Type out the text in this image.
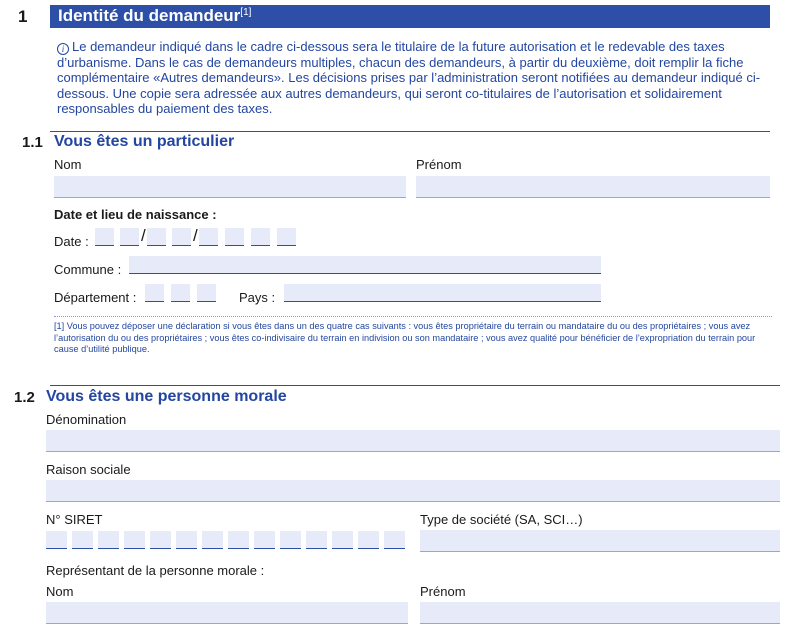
1	Identité du demandeur[1]
i Le demandeur indiqué dans le cadre ci-dessous sera le titulaire de la future autorisation et le redevable des taxes d’urbanisme. Dans le cas de demandeurs multiples, chacun des demandeurs, à partir du deuxième, doit remplir la fiche complémentaire «Autres demandeurs». Les décisions prises par l’administration seront notifiées au demandeur indiqué ci-dessous. Une copie sera adressée aux autres demandeurs, qui seront co-titulaires de l’autorisation et solidairement responsables du paiement des taxes.
1.1 Vous êtes un particulier
Nom	Prénom
Date et lieu de naissance :
Date :	/	/
Commune :
Département :	Pays :
[1] Vous pouvez déposer une déclaration si vous êtes dans un des quatre cas suivants : vous êtes propriétaire du terrain ou mandataire du ou des propriétaires ; vous avez l’autorisation du ou des propriétaires ; vous êtes co-indivisaire du terrain en indivision ou son mandataire ; vous avez qualité pour bénéficier de l’expropriation du terrain pour cause d’utilité publique.
1.2 Vous êtes une personne morale
Dénomination
Raison sociale
N° SIRET	Type de société (SA, SCI…)
Représentant de la personne morale :
Nom	Prénom
